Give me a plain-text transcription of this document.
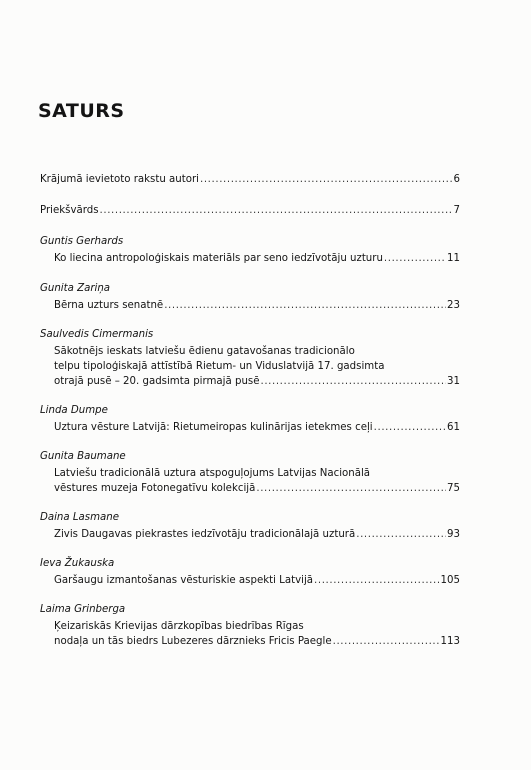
SATURS
Krājumā ievietoto rakstu autori .....	6
Priekšvārds .....	7
Guntis Gerhards
Ko liecina antropoloģiskais materiāls par seno iedzīvotāju uzturu .....	11
Gunita Zariņa
Bērna uzturs senatnē .....	23
Saulvedis Cimermanis
Sākotnējs ieskats latviešu ēdienu gatavošanas tradicionālo
telpu tipoloģiskajā attīstībā Rietum- un Vidusl​atvijā 17. gadsimta
otrajā pusē – 20. gadsimta pirmajā pusē .....	31
Linda Dumpe
Uztura vēsture Latvijā: Rietumeiropas kulinārijas ietekmes ceļi .....	61
Gunita Baumane
Latviešu tradicionālā uztura atspoguļojums Latvijas Nacionālā
vēstures muzeja Fotonegatīvu kolekcijā .....	75
Daina Lasmane
Zivis Daugavas piekrastes iedzīvotāju tradicionālajā uzturā .....	93
Ieva Žukauska
Garšaugu izmantošanas vēsturiskie aspekti Latvijā .....	105
Laima Grinberga
Ķeizariskās Krievijas dārzkopības biedrības Rīgas
nodaļa un tās biedrs Lubezeres dārznieks Fricis Paegle .....	113
